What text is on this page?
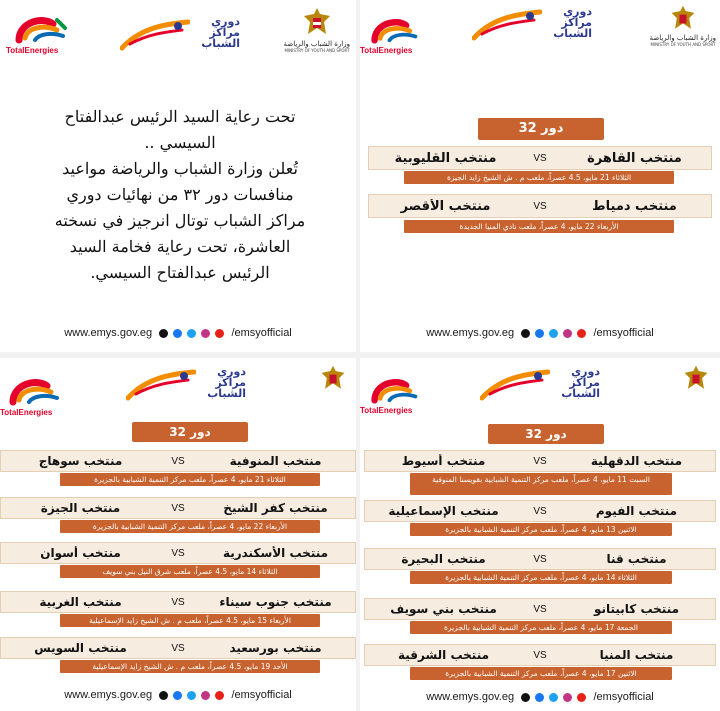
TotalEnergies
دوري مراكز الشباب	وزارة الشباب والرياضة
MINISTRY OF YOUTH AND SPORT
تحت رعاية السيد الرئيس عبدالفتاح
السيسي ..
تُعلن وزارة الشباب والرياضة مواعيد
منافسات دور ٣٢ من نهائيات دوري
مراكز الشباب توتال انرجيز في نسخته
العاشرة، تحت رعاية فخامة السيد
الرئيس عبدالفتاح السيسي.
www.emys.gov.eg	/emsyofficial
TotalEnergies
دوري مراكز الشباب	وزارة الشباب والرياضة
MINISTRY OF YOUTH AND SPORT
دور 32
منتخب القاهرة
VS
منتخب القليوبية
الثلاثاء 21 مايو، 4.5 عصراً، ملعب م . ش الشيخ زايد الجيزة
منتخب دمياط
VS
منتخب الأقصر
الأربعاء 22 مايو، 4 عصراً، ملعب نادي المنيا الجديدة
www.emys.gov.eg	/emsyofficial
TotalEnergies
دوري مراكز الشباب
دور 32
منتخب المنوفية
VS
منتخب سوهاج
الثلاثاء 21 مايو، 4 عصراً، ملعب مركز التنمية الشبابية بالجزيرة
منتخب كفر الشيخ
VS
منتخب الجيزة
الأربعاء 22 مايو، 4 عصراً، ملعب مركز التنمية الشبابية بالجزيرة
منتخب الأسكندرية
VS
منتخب أسوان
الثلاثاء 14 مايو، 4.5 عصراً، ملعب شرق النيل بني سويف
منتخب جنوب سيناء
VS
منتخب الغربية
الأربعاء 15 مايو، 4.5 عصراً، ملعب م . ش الشيخ زايد الإسماعيلية
منتخب بورسعيد
VS
منتخب السويس
الأحد 19 مايو، 4.5 عصراً، ملعب م . ش الشيخ زايد الإسماعيلية
www.emys.gov.eg	/emsyofficial
TotalEnergies
دوري مراكز الشباب
دور 32
منتخب الدقهلية
VS
منتخب أسيوط
السبت 11 مايو، 4 عصراً، ملعب مركز التنمية الشبابية بقويسنا المنوفية
منتخب الفيوم
VS
منتخب الإسماعيلية
الاثنين 13 مايو، 4 عصراً، ملعب مركز التنمية الشبابية بالجزيرة
منتخب قنا
VS
منتخب البحيرة
الثلاثاء 14 مايو، 4 عصراً، ملعب مركز التنمية الشبابية بالجزيرة
منتخب كابيتانو
VS
منتخب بني سويف
الجمعة 17 مايو، 4 عصراً، ملعب مركز التنمية الشبابية بالجزيرة
منتخب المنيا
VS
منتخب الشرقية
الاثنين 17 مايو، 4 عصراً، ملعب مركز التنمية الشبابية بالجزيرة
www.emys.gov.eg	/emsyofficial
